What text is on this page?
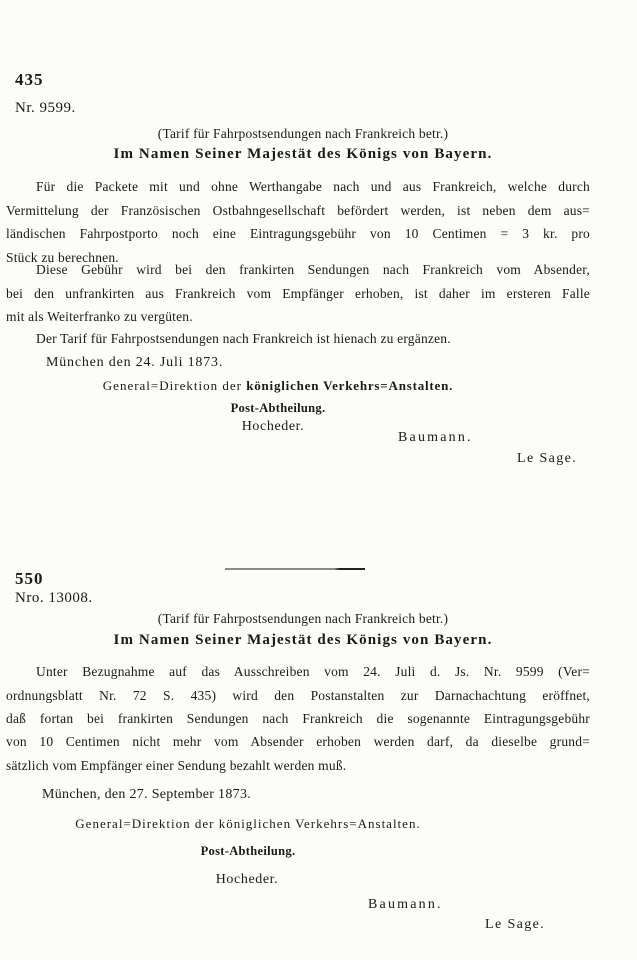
435
Nr. 9599.
(Tarif für Fahrpostsendungen nach Frankreich betr.)
Im Namen Seiner Majestät des Königs von Bayern.
Für die Packete mit und ohne Werthangabe nach und aus Frankreich, welche durch
Vermittelung der Französischen Ostbahngesellschaft befördert werden, ist neben dem aus=
ländischen Fahrpostporto noch eine Eintragungsgebühr von 10 Centimen = 3 kr. pro
Stück zu berechnen.
Diese Gebühr wird bei den frankirten Sendungen nach Frankreich vom Absender,
bei den unfrankirten aus Frankreich vom Empfänger erhoben, ist daher im ersteren Falle
mit als Weiterfranko zu vergüten.
Der Tarif für Fahrpostsendungen nach Frankreich ist hienach zu ergänzen.
München den 24. Juli 1873.
General=Direktion der königlichen Verkehrs=Anstalten.
Post-Abtheilung.
Hocheder.
Baumann.
Le Sage.
550
Nro. 13008.
(Tarif für Fahrpostsendungen nach Frankreich betr.)
Im Namen Seiner Majestät des Königs von Bayern.
Unter Bezugnahme auf das Ausschreiben vom 24. Juli d. Js. Nr. 9599 (Ver=
ordnungsblatt Nr. 72 S. 435) wird den Postanstalten zur Darnachachtung eröffnet,
daß fortan bei frankirten Sendungen nach Frankreich die sogenannte Eintragungsgebühr
von 10 Centimen nicht mehr vom Absender erhoben werden darf, da dieselbe grund=
sätzlich vom Empfänger einer Sendung bezahlt werden muß.
München, den 27. September 1873.
General=Direktion der königlichen Verkehrs=Anstalten.
Post-Abtheilung.
Hocheder.
Baumann.
Le Sage.
